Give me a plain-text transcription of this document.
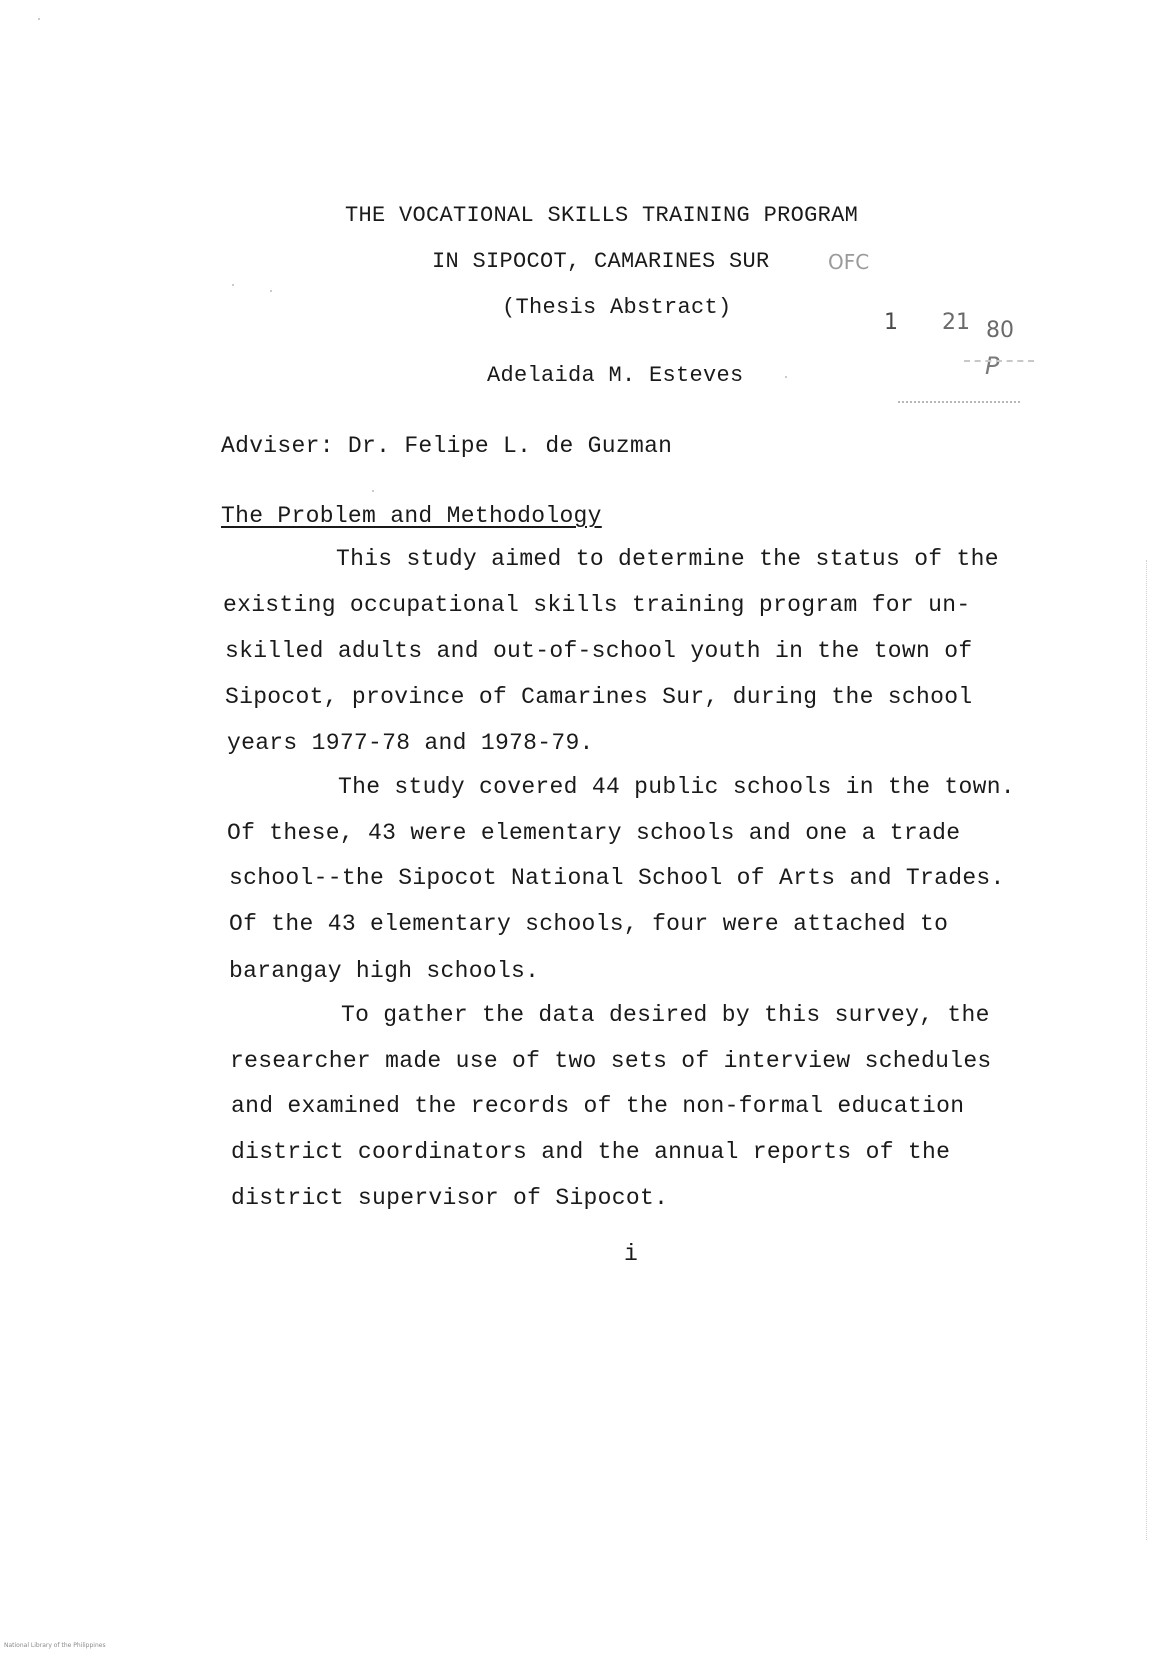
THE VOCATIONAL SKILLS TRAINING PROGRAM
IN SIPOCOT, CAMARINES SUR
(Thesis Abstract)
Adelaida M. Esteves
Adviser: Dr. Felipe L. de Guzman
The Problem and Methodology
This study aimed to determine the status of the
existing occupational skills training program for un-
skilled adults and out-of-school youth in the town of
Sipocot, province of Camarines Sur, during the school
years 1977-78 and 1978-79.
The study covered 44 public schools in the town.
Of these, 43 were elementary schools and one a trade
school--the Sipocot National School of Arts and Trades.
Of the 43 elementary schools, four were attached to
barangay high schools.
To gather the data desired by this survey, the
researcher made use of two sets of interview schedules
and examined the records of the non-formal education
district coordinators and the annual reports of the
district supervisor of Sipocot.
i
OFC
1 21 80
P
National Library of the Philippines
